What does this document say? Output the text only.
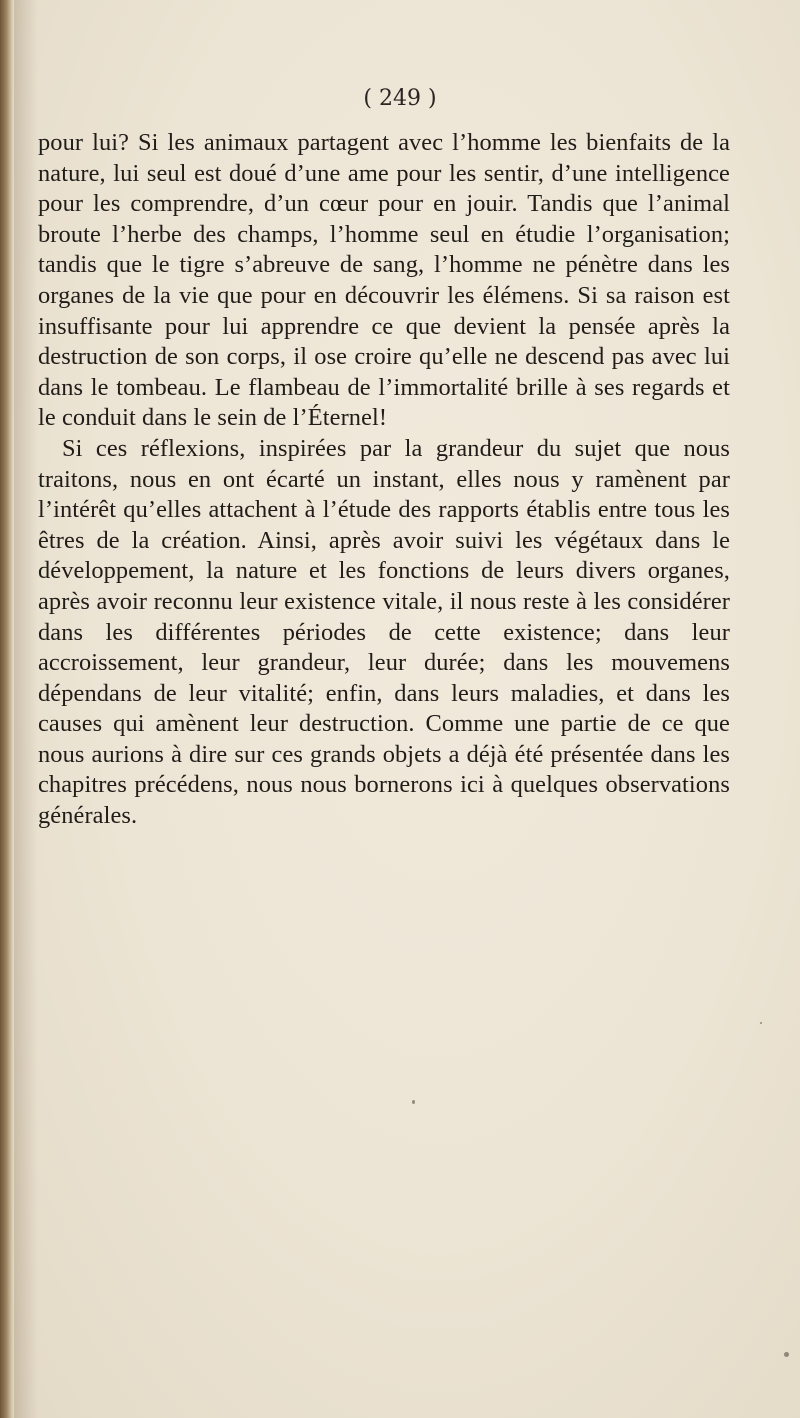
( 249 )

pour lui? Si les animaux partagent avec l’homme les bienfaits de la nature, lui seul est doué d’une ame pour les sentir, d’une intelligence pour les comprendre, d’un cœur pour en jouir. Tandis que l’animal broute l’herbe des champs, l’homme seul en étudie l’organisation; tandis que le tigre s’abreuve de sang, l’homme ne pénètre dans les organes de la vie que pour en découvrir les élémens. Si sa raison est insuffisante pour lui apprendre ce que devient la pensée après la destruction de son corps, il ose croire qu’elle ne descend pas avec lui dans le tombeau. Le flambeau de l’immortalité brille à ses regards et le conduit dans le sein de l’Éternel!

Si ces réflexions, inspirées par la grandeur du sujet que nous traitons, nous en ont écarté un instant, elles nous y ramènent par l’intérêt qu’elles attachent à l’étude des rapports établis entre tous les êtres de la création. Ainsi, après avoir suivi les végétaux dans le développement, la nature et les fonctions de leurs divers organes, après avoir reconnu leur existence vitale, il nous reste à les considérer dans les différentes périodes de cette existence; dans leur accroissement, leur grandeur, leur durée; dans les mouvemens dépendans de leur vitalité; enfin, dans leurs maladies, et dans les causes qui amènent leur destruction. Comme une partie de ce que nous aurions à dire sur ces grands objets a déjà été présentée dans les chapitres précédens, nous nous bornerons ici à quelques observations générales.
